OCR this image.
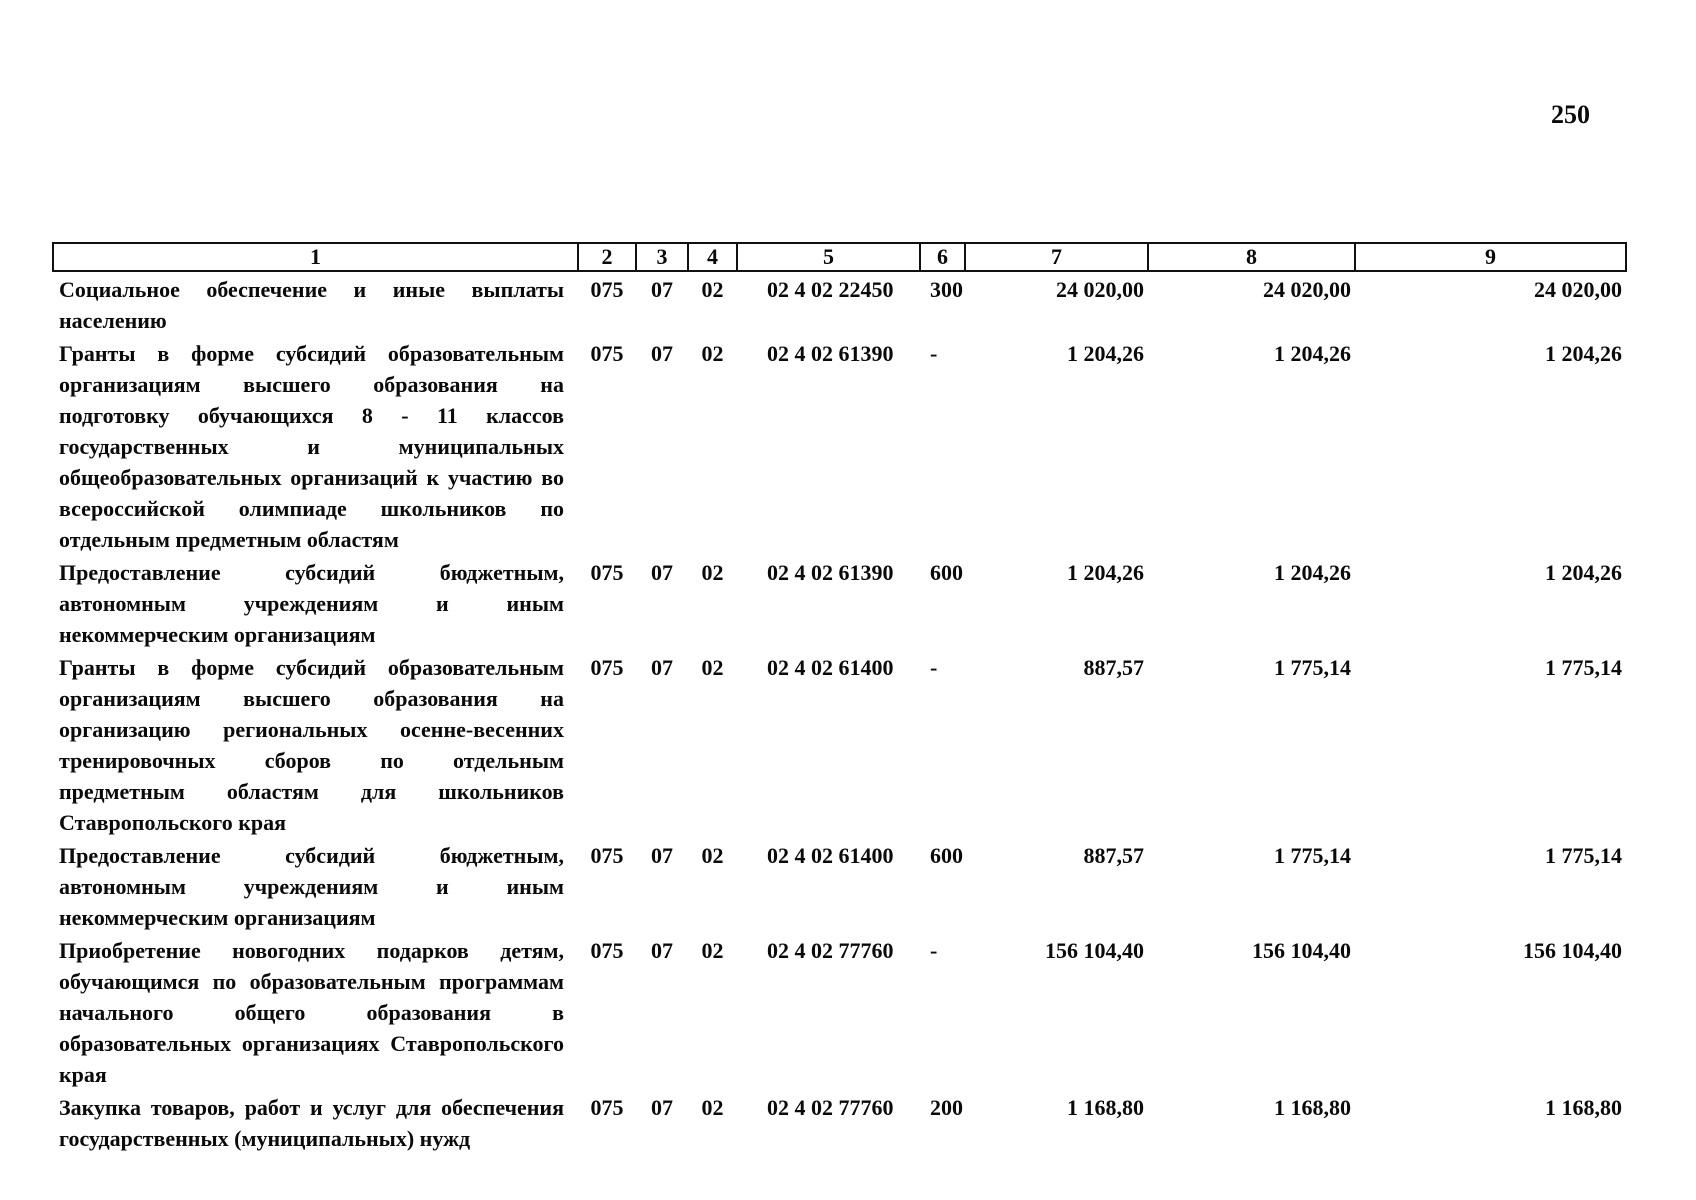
250
1	2	3	4	5	6	7	8	9
Социальное обеспечение и иные выплаты населению	075	07	02	02 4 02 22450	300	24 020,00	24 020,00	24 020,00
Гранты в форме субсидий образовательным организациям высшего образования на подготовку обучающихся 8 - 11 классов государственных и муниципальных общеобразовательных организаций к участию во всероссийской олимпиаде школьников по отдельным предметным областям	075	07	02	02 4 02 61390	-	1 204,26	1 204,26	1 204,26
Предоставление субсидий бюджетным, автономным учреждениям и иным некоммерческим организациям	075	07	02	02 4 02 61390	600	1 204,26	1 204,26	1 204,26
Гранты в форме субсидий образовательным организациям высшего образования на организацию региональных осенне-весенних тренировочных сборов по отдельным предметным областям для школьников Ставропольского края	075	07	02	02 4 02 61400	-	887,57	1 775,14	1 775,14
Предоставление субсидий бюджетным, автономным учреждениям и иным некоммерческим организациям	075	07	02	02 4 02 61400	600	887,57	1 775,14	1 775,14
Приобретение новогодних подарков детям, обучающимся по образовательным программам начального общего образования в образовательных организациях Ставропольского края	075	07	02	02 4 02 77760	-	156 104,40	156 104,40	156 104,40
Закупка товаров, работ и услуг для обеспечения государственных (муниципальных) нужд	075	07	02	02 4 02 77760	200	1 168,80	1 168,80	1 168,80
